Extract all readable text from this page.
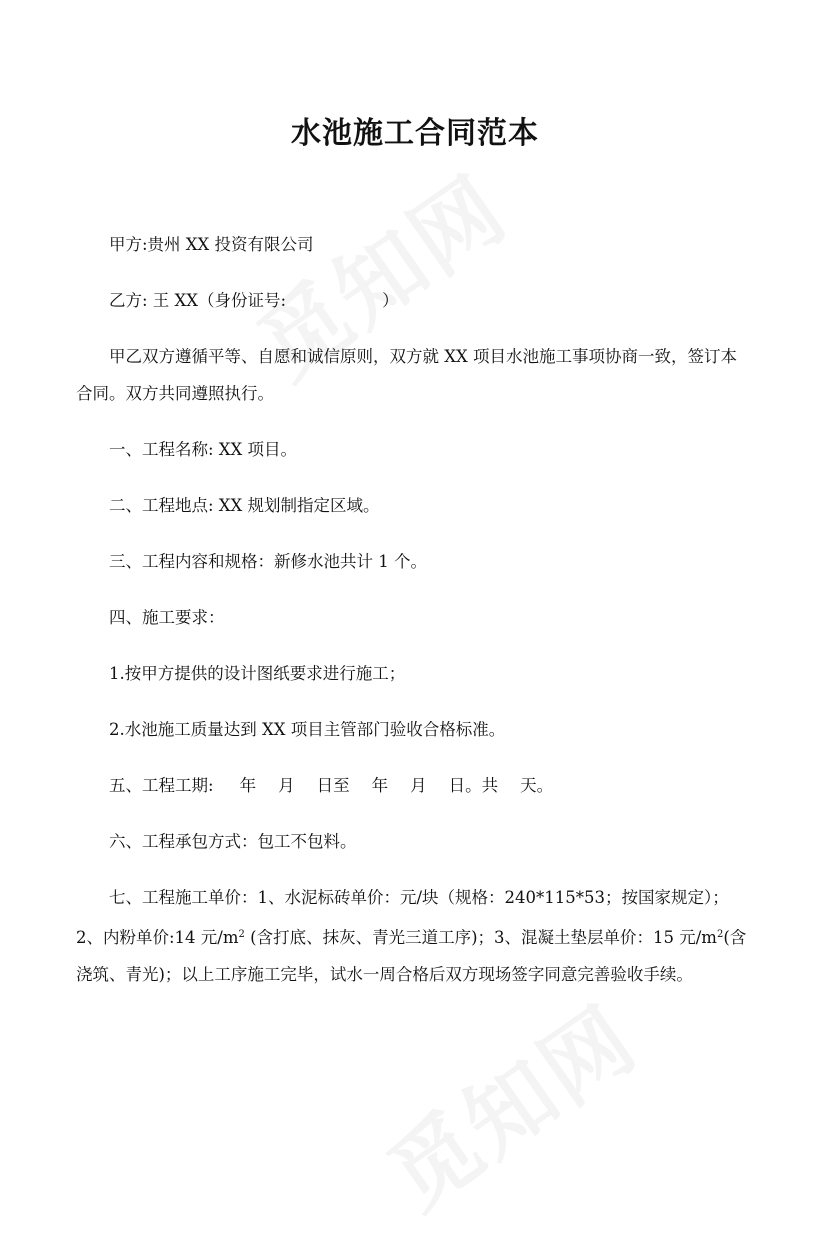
水池施工合同范本

甲方:贵州 XX 投资有限公司

乙方: 王 XX（身份证号:	）

甲乙双方遵循平等、自愿和诚信原则，双方就 XX 项目水池施工事项协商一致，签订本合同。双方共同遵照执行。

一、工程名称: XX 项目。

二、工程地点: XX 规划制指定区域。

三、工程内容和规格：新修水池共计 1 个。

四、施工要求：

1.按甲方提供的设计图纸要求进行施工；

2.水池施工质量达到 XX 项目主管部门验收合格标准。

五、工程工期: 年 月 日至 年 月 日。共 天。

六、工程承包方式：包工不包料。

七、工程施工单价：1、水泥标砖单价：元/块（规格：240*115*53；按国家规定）；2、内粉单价:14 元$/m^2$ (含打底、抹灰、青光三道工序)；3、混凝土垫层单价：15 元$/m^2$(含浇筑、青光)；以上工序施工完毕，试水一周合格后双方现场签字同意完善验收手续。
